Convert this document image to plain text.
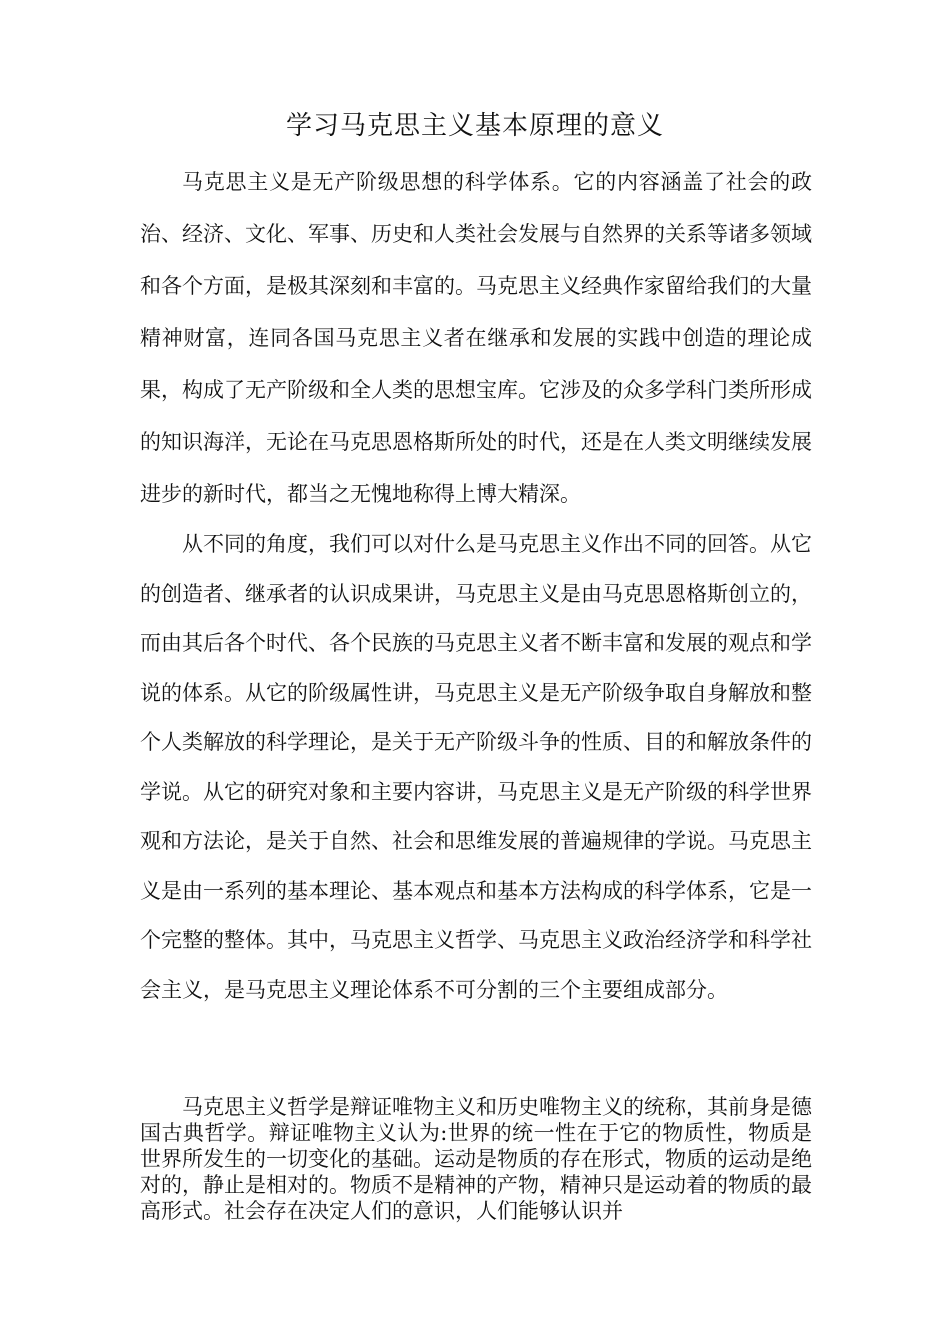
学习马克思主义基本原理的意义

马克思主义是无产阶级思想的科学体系。它的内容涵盖了社会的政治、经济、文化、军事、历史和人类社会发展与自然界的关系等诸多领域和各个方面，是极其深刻和丰富的。马克思主义经典作家留给我们的大量精神财富，连同各国马克思主义者在继承和发展的实践中创造的理论成果，构成了无产阶级和全人类的思想宝库。它涉及的众多学科门类所形成的知识海洋，无论在马克思恩格斯所处的时代，还是在人类文明继续发展进步的新时代，都当之无愧地称得上博大精深。

从不同的角度，我们可以对什么是马克思主义作出不同的回答。从它的创造者、继承者的认识成果讲，马克思主义是由马克思恩格斯创立的，而由其后各个时代、各个民族的马克思主义者不断丰富和发展的观点和学说的体系。从它的阶级属性讲，马克思主义是无产阶级争取自身解放和整个人类解放的科学理论，是关于无产阶级斗争的性质、目的和解放条件的学说。从它的研究对象和主要内容讲，马克思主义是无产阶级的科学世界观和方法论，是关于自然、社会和思维发展的普遍规律的学说。马克思主义是由一系列的基本理论、基本观点和基本方法构成的科学体系，它是一个完整的整体。其中，马克思主义哲学、马克思主义政治经济学和科学社会主义，是马克思主义理论体系不可分割的三个主要组成部分。

马克思主义哲学是辩证唯物主义和历史唯物主义的统称，其前身是德国古典哲学。辩证唯物主义认为:世界的统一性在于它的物质性，物质是世界所发生的一切变化的基础。运动是物质的存在形式，物质的运动是绝对的，静止是相对的。物质不是精神的产物，精神只是运动着的物质的最高形式。社会存在决定人们的意识，人们能够认识并
